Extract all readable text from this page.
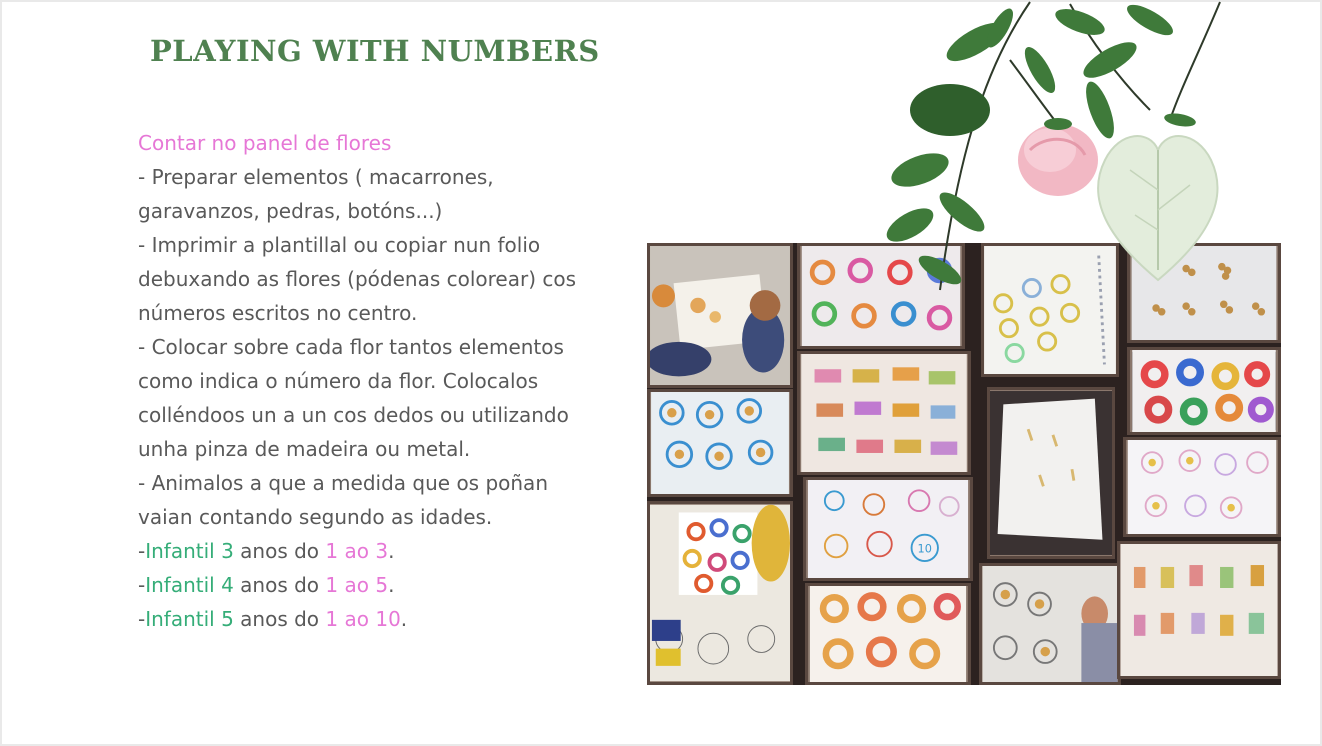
PLAYING WITH NUMBERS

Contar no panel de flores

- Preparar elementos ( macarrones,

garavanzos, pedras, botóns...)

- Imprimir a plantillal ou copiar nun folio

debuxando as flores (pódenas colorear) cos

números escritos no centro.

- Colocar sobre cada flor tantos elementos

como indica o número da flor. Colocalos

colléndoos un a un cos dedos ou utilizando

unha pinza de madeira ou metal.

- Animalos a que a medida que os poñan

vaian contando segundo as idades.

-Infantil 3 anos do 1 ao 3.

-Infantil 4 anos do 1 ao 5.

-Infantil 5 anos do 1 ao 10.

10
